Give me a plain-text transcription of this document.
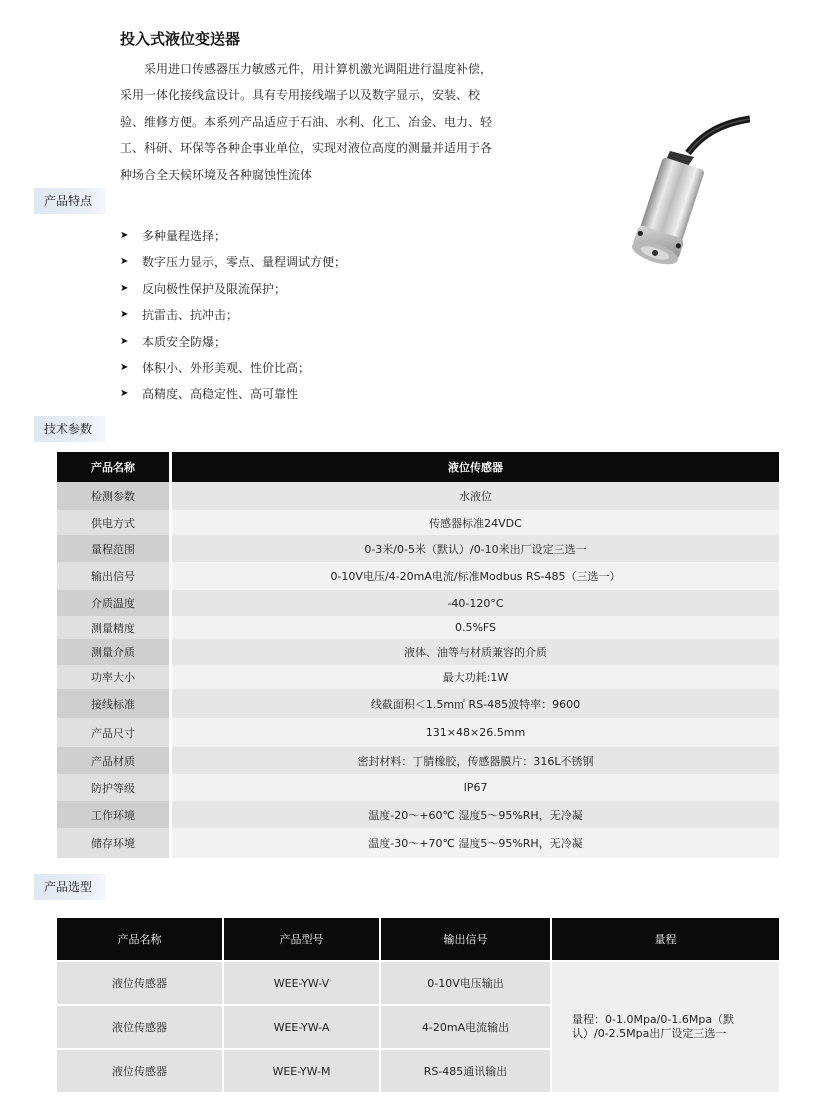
投入式液位变送器

采用进口传感器压力敏感元件，用计算机激光调阻进行温度补偿，采用一体化接线盒设计。具有专用接线端子以及数字显示，安装、校验、维修方便。本系列产品适应于石油、水利、化工、冶金、电力、轻工、科研、环保等各种企事业单位，实现对液位高度的测量并适用于各种场合全天候环境及各种腐蚀性流体

产品特点
➤	多种量程选择；
➤	数字压力显示，零点、量程调试方便；
➤	反向极性保护及限流保护；
➤	抗雷击、抗冲击；
➤	本质安全防爆；
➤	体积小、外形美观、性价比高；
➤	高精度、高稳定性、高可靠性
技术参数
产品名称	液位传感器
检测参数	水液位
供电方式	传感器标准24VDC
量程范围	0-3米/0-5米（默认）/0-10米出厂设定三选一
输出信号	0-10V电压/4-20mA电流/标准Modbus RS-485（三选一）
介质温度	-40-120°C
测量精度	0.5%FS
测量介质	液体、油等与材质兼容的介质
功率大小	最大功耗:1W
接线标准	线截面积＜1.5m㎡ RS-485波特率：9600
产品尺寸	131×48×26.5mm
产品材质	密封材料：丁腈橡胶，传感器膜片：316L不锈钢
防护等级	IP67
工作环境	温度-20～+60℃ 湿度5～95%RH，无冷凝
储存环境	温度-30～+70℃ 湿度5～95%RH，无冷凝
产品选型
产品名称	产品型号	输出信号	量程
液位传感器	WEE-YW-V	0-10V电压输出	量程：0-1.0Mpa/0-1.6Mpa（默认）/0-2.5Mpa出厂设定三选一
液位传感器	WEE-YW-A	4-20mA电流输出	
液位传感器	WEE-YW-M	RS-485通讯输出	
